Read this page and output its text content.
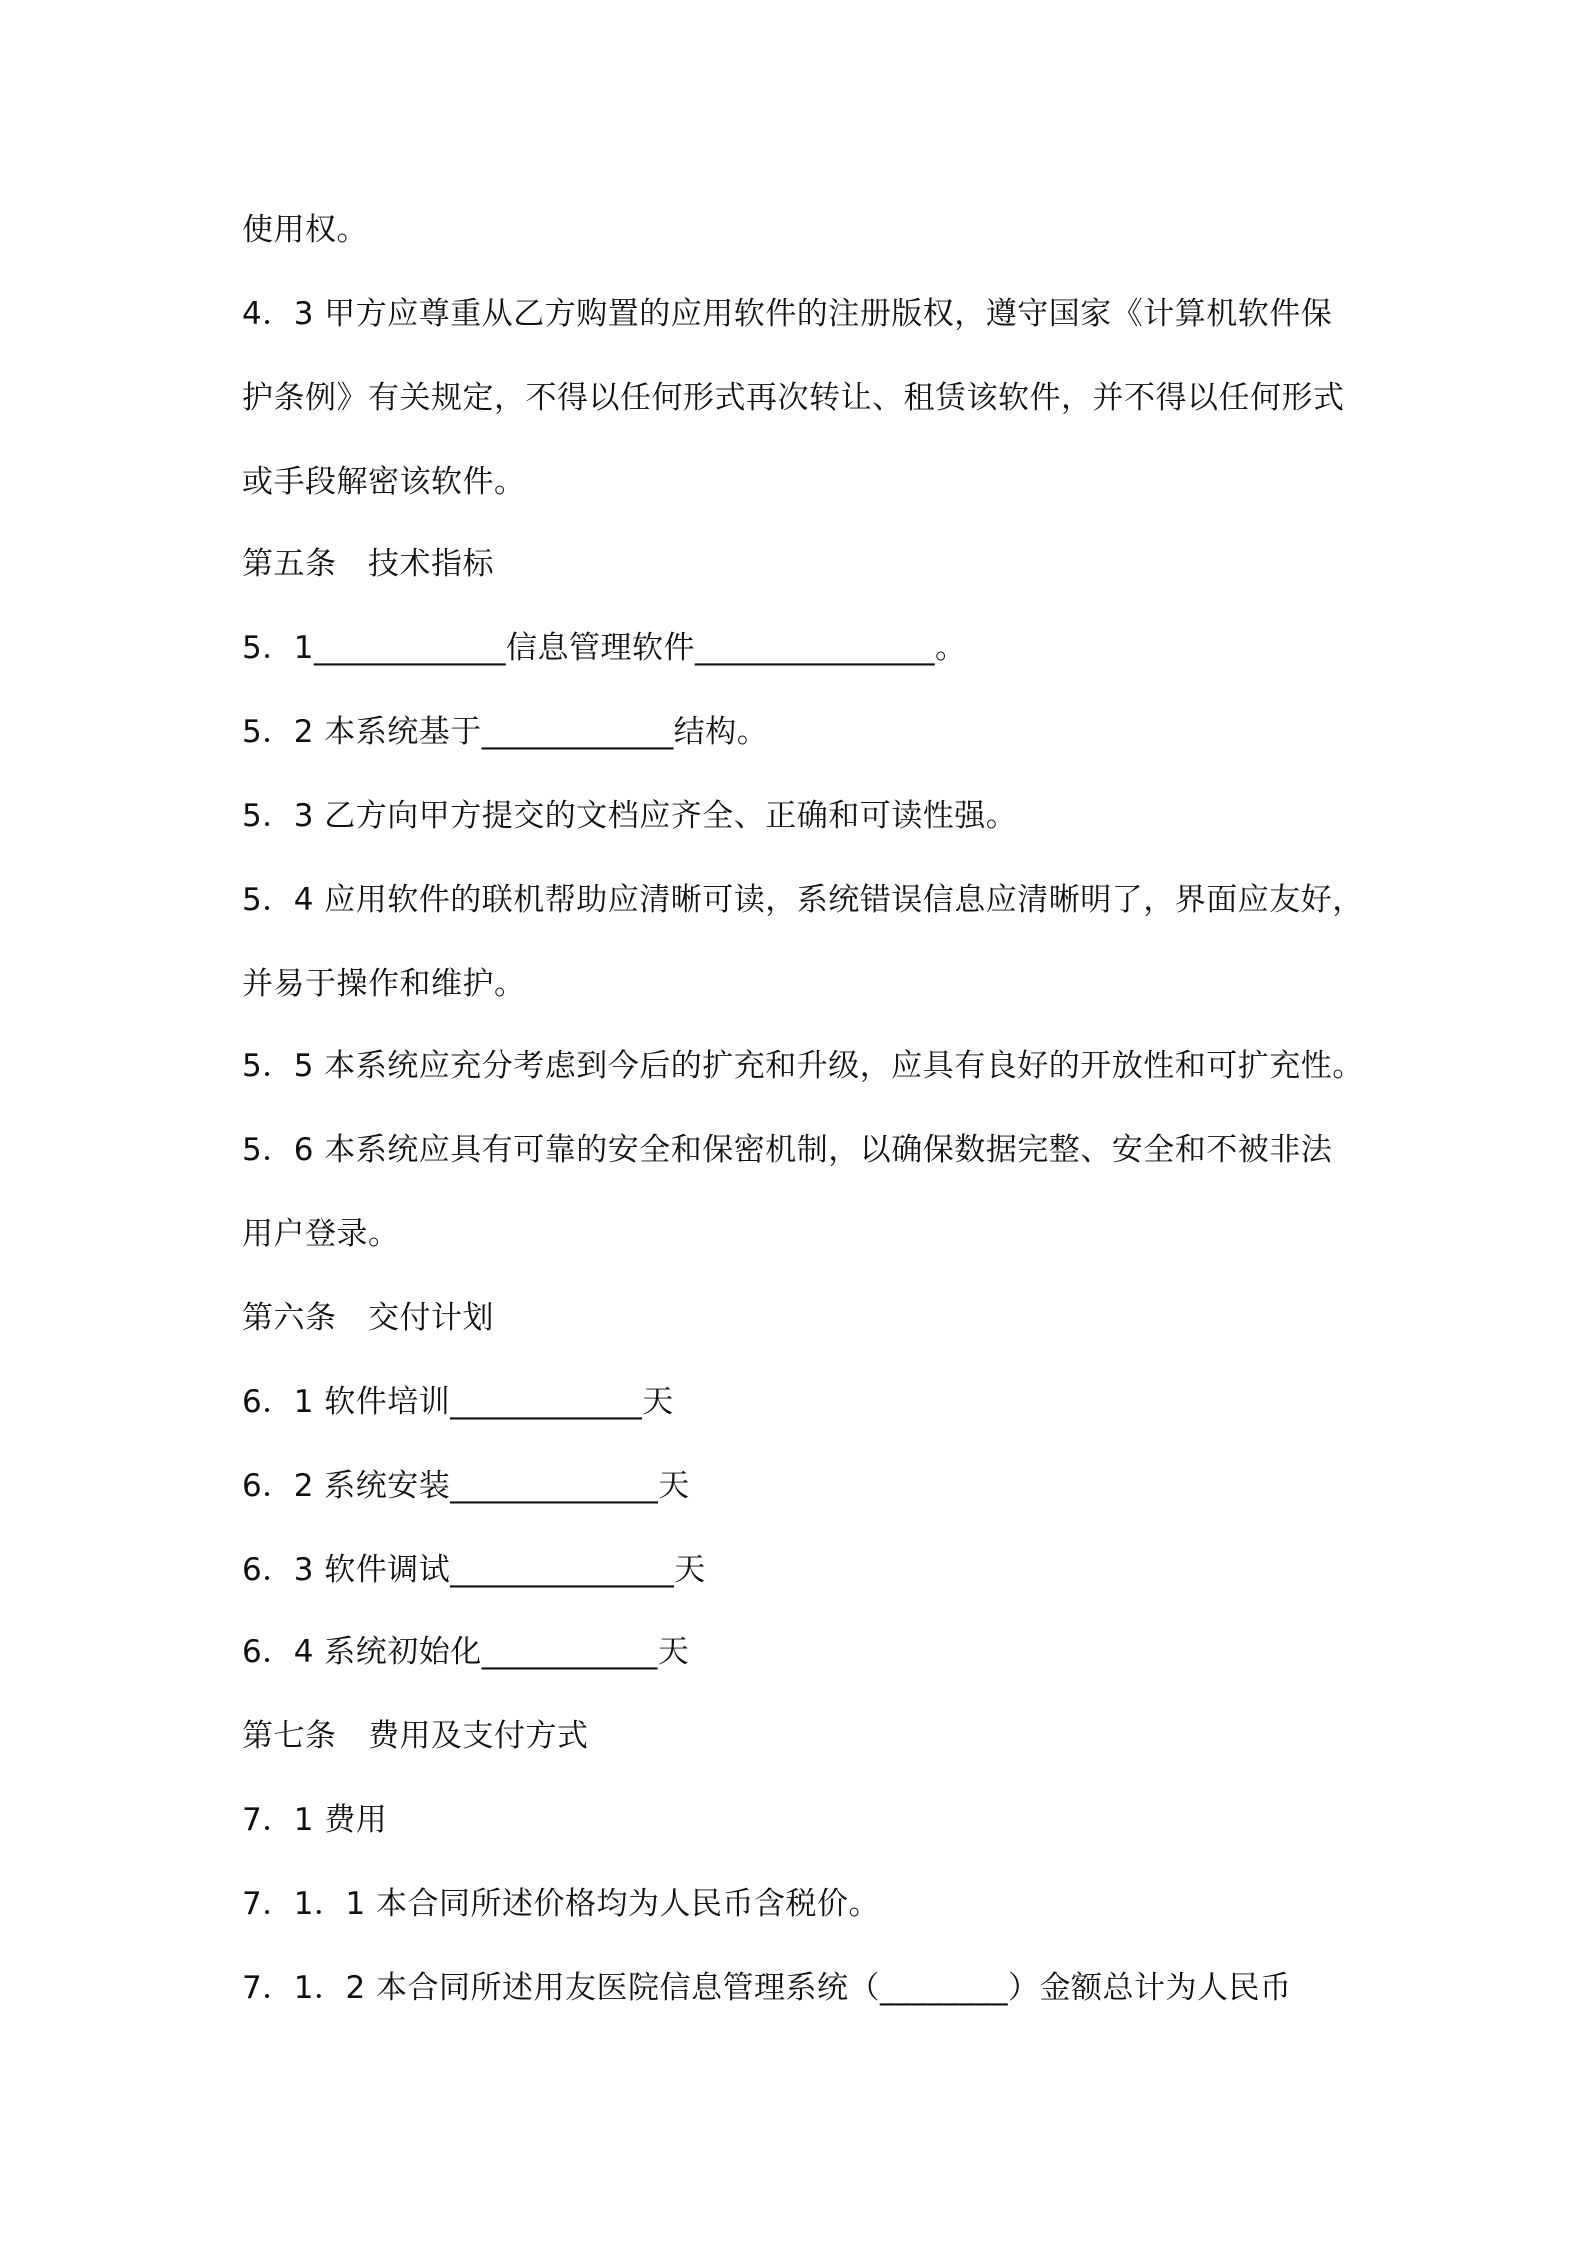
使用权。
4．3 甲方应尊重从乙方购置的应用软件的注册版权，遵守国家《计算机软件保
护条例》有关规定，不得以任何形式再次转让、租赁该软件，并不得以任何形式
或手段解密该软件。
第五条　技术指标
5．1____________信息管理软件_______________。
5．2 本系统基于____________结构。
5．3 乙方向甲方提交的文档应齐全、正确和可读性强。
5．4 应用软件的联机帮助应清晰可读，系统错误信息应清晰明了，界面应友好，
并易于操作和维护。
5．5 本系统应充分考虑到今后的扩充和升级，应具有良好的开放性和可扩充性。
5．6 本系统应具有可靠的安全和保密机制，以确保数据完整、安全和不被非法
用户登录。
第六条　交付计划
6．1 软件培训____________天
6．2 系统安装_____________天
6．3 软件调试______________天
6．4 系统初始化___________天
第七条　费用及支付方式
7．1 费用
7．1．1 本合同所述价格均为人民币含税价。
7．1．2 本合同所述用友医院信息管理系统（________）金额总计为人民币
